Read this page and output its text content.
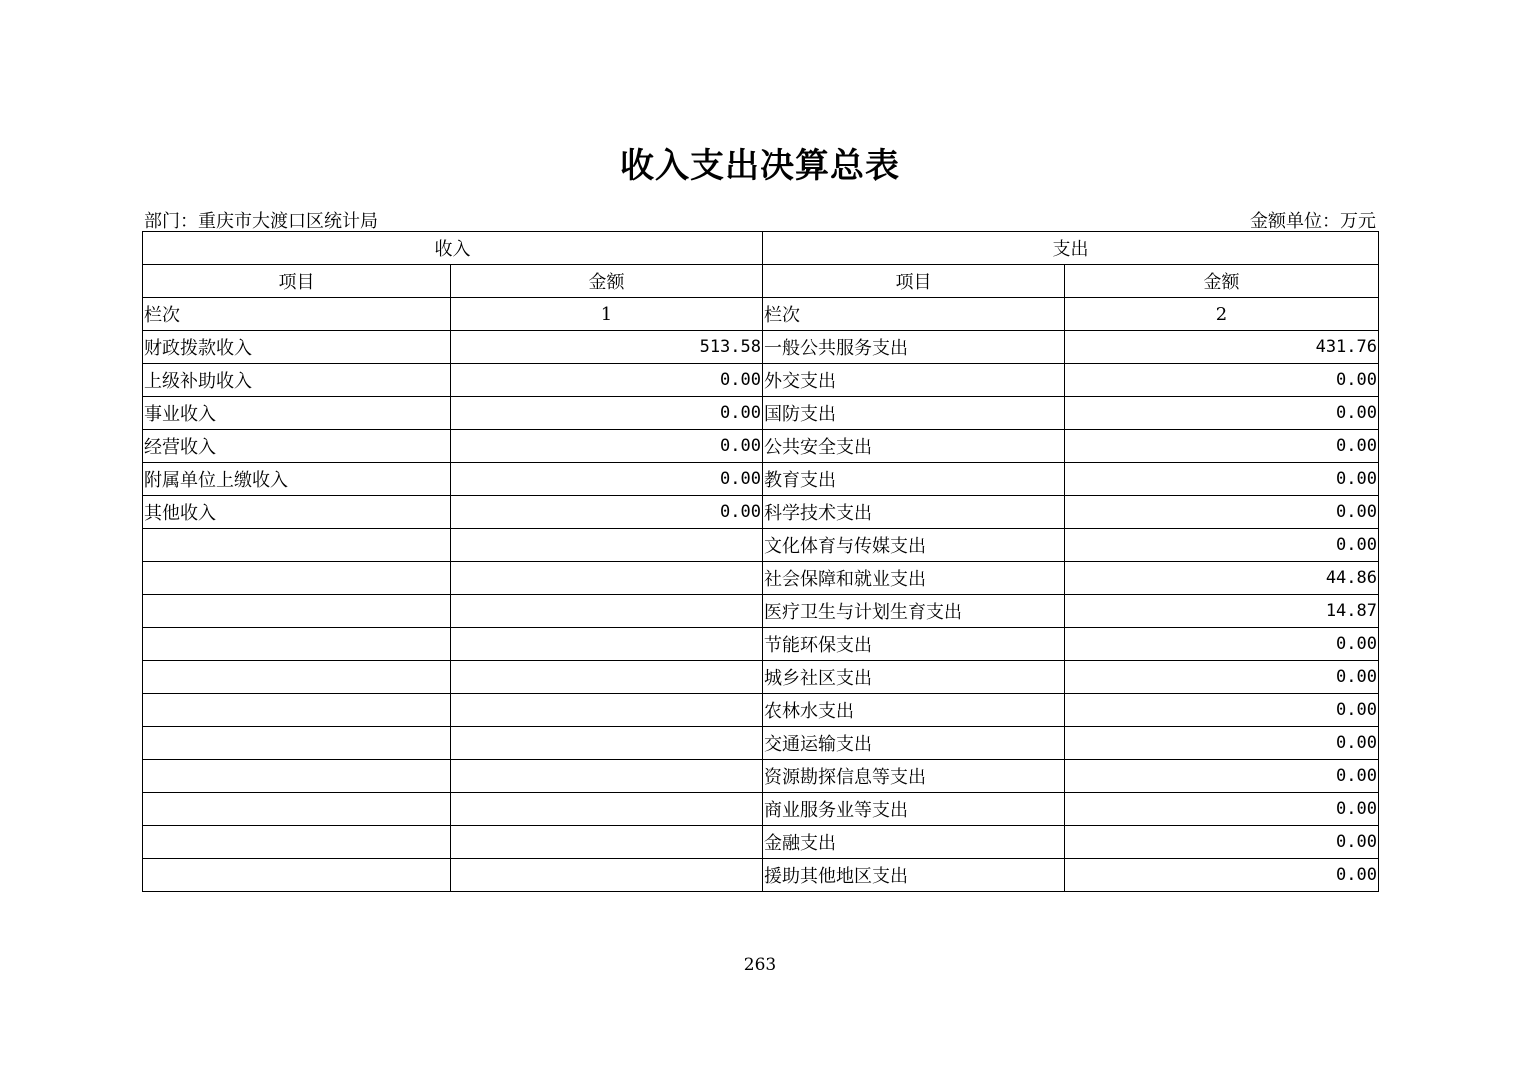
收入支出决算总表
部门：重庆市大渡口区统计局	金额单位：万元
收入		支出	
项目	金额	项目	金额
栏次	1	栏次	2
财政拨款收入	513.58	一般公共服务支出	431.76
上级补助收入	0.00	外交支出	0.00
事业收入	0.00	国防支出	0.00
经营收入	0.00	公共安全支出	0.00
附属单位上缴收入	0.00	教育支出	0.00
其他收入	0.00	科学技术支出	0.00
		文化体育与传媒支出	0.00
		社会保障和就业支出	44.86
		医疗卫生与计划生育支出	14.87
		节能环保支出	0.00
		城乡社区支出	0.00
		农林水支出	0.00
		交通运输支出	0.00
		资源勘探信息等支出	0.00
		商业服务业等支出	0.00
		金融支出	0.00
		援助其他地区支出	0.00
263
